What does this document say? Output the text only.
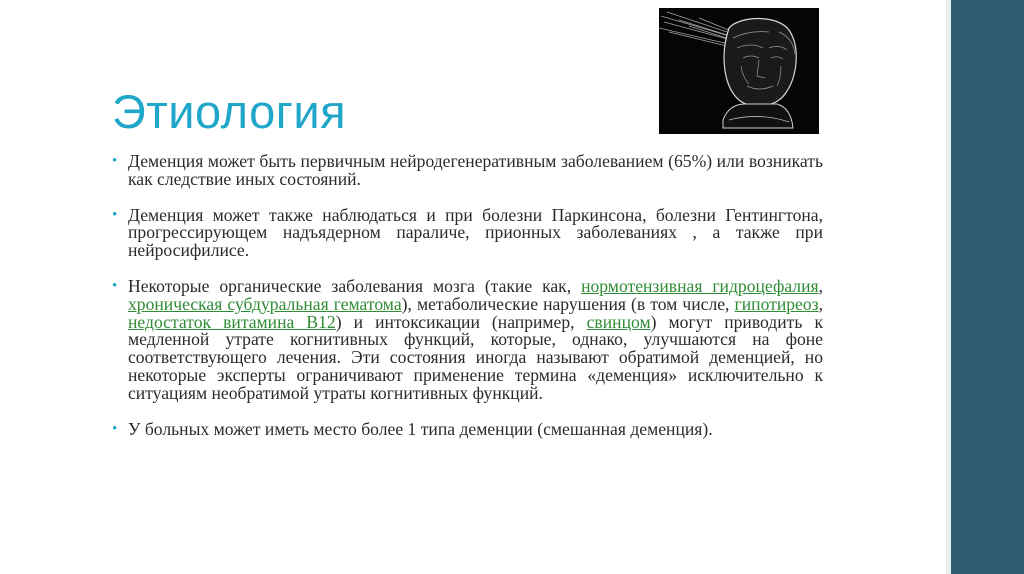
Этиология
• Деменция может быть первичным нейродегенеративным заболеванием (65%) или возникать как следствие иных состояний.
• Деменция может также наблюдаться и при болезни Паркинсона, болезни Гентингтона, прогрессирующем надъядерном параличе, прионных заболеваниях , а также при нейросифилисе.
• Некоторые органические заболевания мозга (такие как, нормотензивная гидроцефалия, хроническая субдуральная гематома), метаболические нарушения (в том числе, гипотиреоз, недостаток витамина B12) и интоксикации (например, свинцом) могут приводить к медленной утрате когнитивных функций, которые, однако, улучшаются на фоне соответствующего лечения. Эти состояния иногда называют обратимой деменцией, но некоторые эксперты ограничивают применение термина «деменция» исключительно к ситуациям необратимой утраты когнитивных функций.
• У больных может иметь место более 1 типа деменции (смешанная деменция).
